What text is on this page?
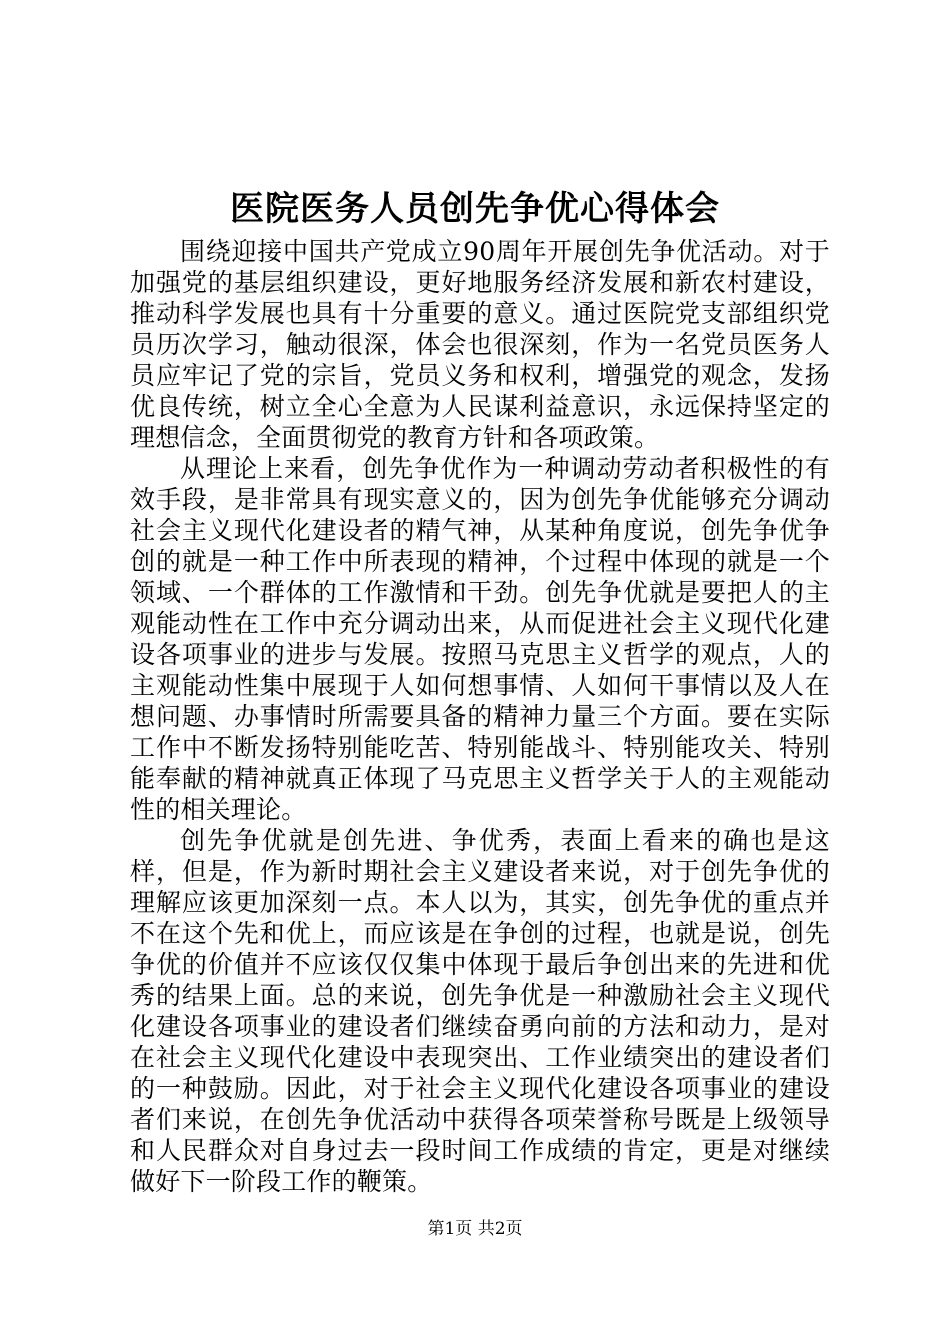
医院医务人员创先争优心得体会

围绕迎接中国共产党成立90周年开展创先争优活动。对于加强党的基层组织建设，更好地服务经济发展和新农村建设，推动科学发展也具有十分重要的意义。通过医院党支部组织党员历次学习，触动很深，体会也很深刻，作为一名党员医务人员应牢记了党的宗旨，党员义务和权利，增强党的观念，发扬优良传统，树立全心全意为人民谋利益意识，永远保持坚定的理想信念，全面贯彻党的教育方针和各项政策。

从理论上来看，创先争优作为一种调动劳动者积极性的有效手段，是非常具有现实意义的，因为创先争优能够充分调动社会主义现代化建设者的精气神，从某种角度说，创先争优争创的就是一种工作中所表现的精神，个过程中体现的就是一个领域、一个群体的工作激情和干劲。创先争优就是要把人的主观能动性在工作中充分调动出来，从而促进社会主义现代化建设各项事业的进步与发展。按照马克思主义哲学的观点，人的主观能动性集中展现于人如何想事情、人如何干事情以及人在想问题、办事情时所需要具备的精神力量三个方面。要在实际工作中不断发扬特别能吃苦、特别能战斗、特别能攻关、特别能奉献的精神就真正体现了马克思主义哲学关于人的主观能动性的相关理论。

创先争优就是创先进、争优秀，表面上看来的确也是这样，但是，作为新时期社会主义建设者来说，对于创先争优的理解应该更加深刻一点。本人以为，其实，创先争优的重点并不在这个先和优上，而应该是在争创的过程，也就是说，创先争优的价值并不应该仅仅集中体现于最后争创出来的先进和优秀的结果上面。总的来说，创先争优是一种激励社会主义现代化建设各项事业的建设者们继续奋勇向前的方法和动力，是对在社会主义现代化建设中表现突出、工作业绩突出的建设者们的一种鼓励。因此，对于社会主义现代化建设各项事业的建设者们来说，在创先争优活动中获得各项荣誉称号既是上级领导和人民群众对自身过去一段时间工作成绩的肯定，更是对继续做好下一阶段工作的鞭策。

第1页 共2页
